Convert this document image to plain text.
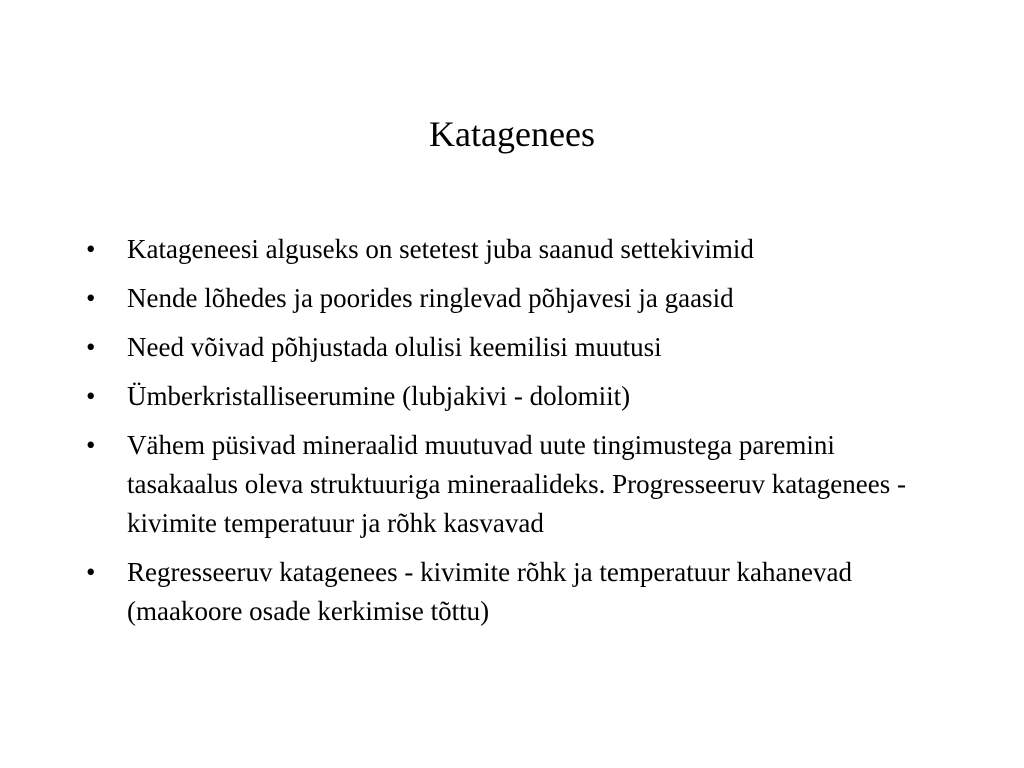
Katagenees
•	Katageneesi alguseks on setetest juba saanud settekivimid
•	Nende lõhedes ja poorides ringlevad põhjavesi ja gaasid
•	Need võivad põhjustada olulisi keemilisi muutusi
•	Ümberkristalliseerumine (lubjakivi - dolomiit)
•	Vähem püsivad mineraalid muutuvad uute tingimustega paremini tasakaalus oleva struktuuriga mineraalideks. Progresseeruv katagenees - kivimite temperatuur ja rõhk kasvavad
•	Regresseeruv katagenees - kivimite rõhk ja temperatuur kahanevad (maakoore osade kerkimise tõttu)
